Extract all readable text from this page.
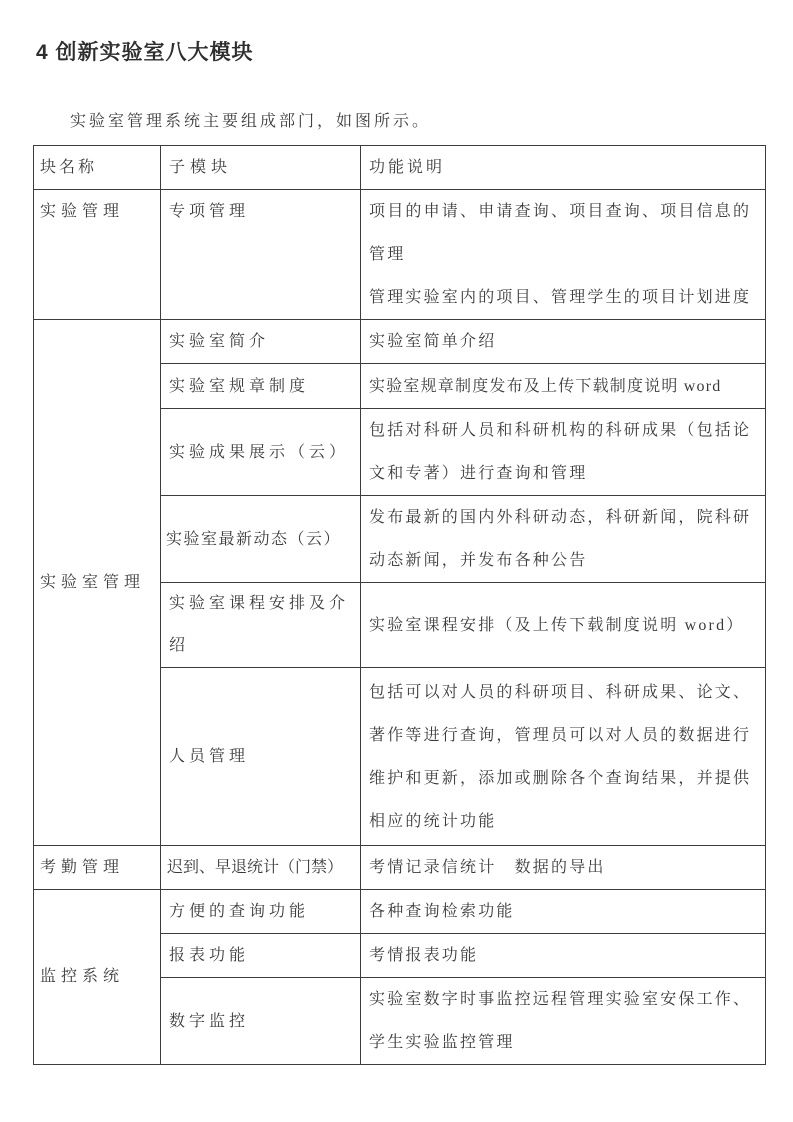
4 创新实验室八大模块

实验室管理系统主要组成部门，如图所示。

块名称	子模块	功能说明
实验管理	专项管理	项目的申请、申请查询、项目查询、项目信息的管理

管理实验室内的项目、管理学生的项目计划进度

实验室管理	实验室简介	实验室简单介绍

	实验室规章制度	实验室规章制度发布及上传下载制度说明 word

	实验成果展示（云）	包括对科研人员和科研机构的科研成果（包括论文和专著）进行查询和管理

	实验室最新动态（云）	发布最新的国内外科研动态，科研新闻，院科研动态新闻，并发布各种公告

	实验室课程安排及介绍	实验室课程安排（及上传下载制度说明 word）

	人员管理	包括可以对人员的科研项目、科研成果、论文、著作等进行查询，管理员可以对人员的数据进行维护和更新，添加或删除各个查询结果，并提供相应的统计功能

考勤管理	迟到、早退统计（门禁）	考情记录信统计　数据的导出

监控系统	方便的查询功能	各种查询检索功能

	报表功能	考情报表功能

	数字监控	实验室数字时事监控远程管理实验室安保工作、学生实验监控管理
